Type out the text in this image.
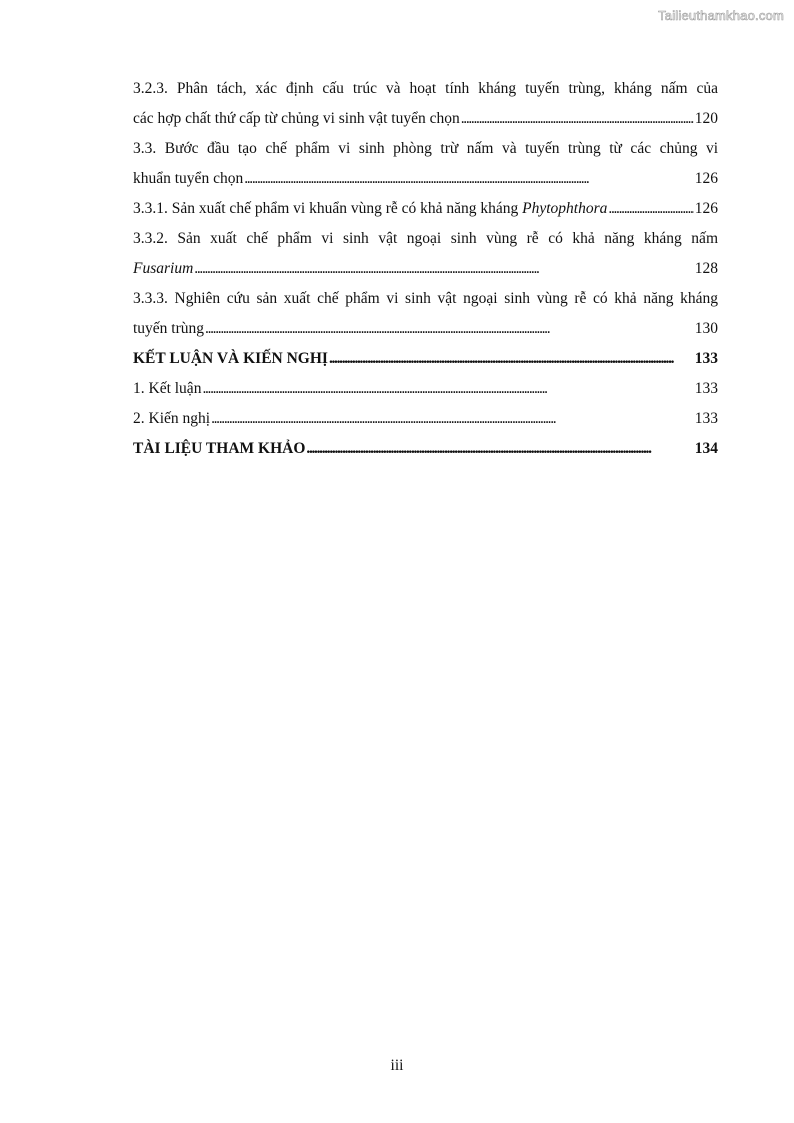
Tailieuthamkhao.com
3.2.3. Phân tách, xác định cấu trúc và hoạt tính kháng tuyến trùng, kháng nấm của
các hợp chất thứ cấp từ chủng vi sinh vật tuyển chọn . . .	120
3.3. Bước đầu tạo chế phẩm vi sinh phòng trừ nấm và tuyến trùng từ các chủng vi
khuẩn tuyển chọn . . .	126
3.3.1. Sản xuất chế phẩm vi khuẩn vùng rễ có khả năng kháng Phytophthora . . .	126
3.3.2. Sản xuất chế phẩm vi sinh vật ngoại sinh vùng rễ có khả năng kháng nấm
Fusarium . . .	128
3.3.3. Nghiên cứu sản xuất chế phẩm vi sinh vật ngoại sinh vùng rễ có khả năng kháng
tuyến trùng . . .	130
KẾT LUẬN VÀ KIẾN NGHỊ . . .	133
1. Kết luận . . .	133
2. Kiến nghị . . .	133
TÀI LIỆU THAM KHẢO . . .	134
iii
